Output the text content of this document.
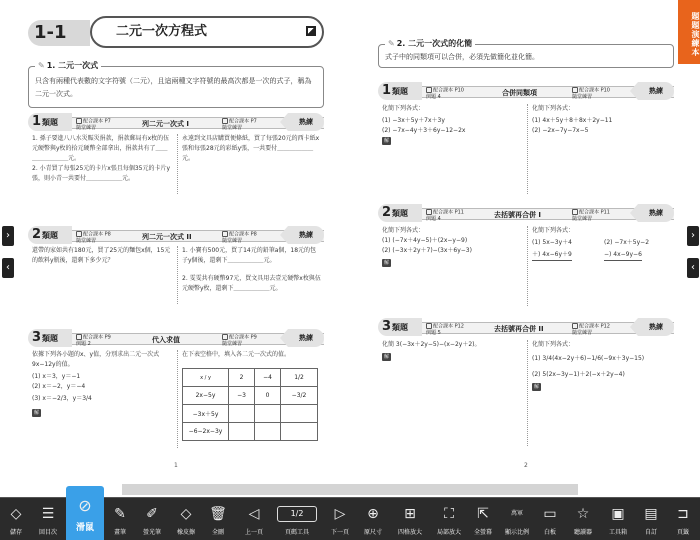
題題演練本
›
‹
›
‹
1-1	二元一次方程式
✎ 1. 二元一次式
只含有兩種代表數的文字符號（二元），且這兩種文字符號的最高次都是一次的式子，稱為二元一次式。
1類題	配合課本 P7
隨堂練習	列二元一次式 I	配合課本 P7
隨堂練習
熟練
1. 孫子要進八八水災賑災捐款，捐款郵局有x枚的伍元硬幣與y枚的拾元硬幣全部拿出，捐款共有了＿＿＿＿＿＿＿＿元。
2. 小青買了每張25元的卡片x張且每個35元的卡片y張，則小青一共要付＿＿＿＿＿＿元。
永遠到文具店購買便條紙，買了每張20元的西卡紙x張和每張28元的彩紙y張，一共要付＿＿＿＿＿＿元。
2類題	配合課本 P8
隨堂練習	列二元一次式 II	配合課本 P8
隨堂練習
熟練
還帶的家如共有180元，買了25元的麵包x個，15元的飲料y瓶後，還剩下多少元？
1. 小寶有500元，買了14元的鉛筆a個，18元的包子y個後，還剩下＿＿＿＿＿＿元。
2. 雯雯共有硬幣97元，買文具用去壹元硬幣x枚與伍元硬幣y枚，還剩下＿＿＿＿＿＿元。
3類題	配合課本 P9
例題 2	代入求值	配合課本 P9
隨堂練習
熟練
依據下列各小題的x、y值，分別求出二元一次式9x−12y的值。
(1) x＝3，y＝−1
(2) x＝−2，y＝−4
(3) x＝−2/3，y＝3/4
解
在下表空格中，填入各二元一次式的值。
x / y	2	−4	1/2
2x−5y	−3	0	−3/2
−3x＋5y			
−6−2x−3y			
1
✎ 2. 二元一次式的化簡
式子中的同類項可以合併，必須先做簡化並化簡。
1類題	配合課本 P10
例題 4	合併同類項	配合課本 P10
隨堂練習
熟練
化簡下列各式：
(1) −3x＋5y＋7x＋3y
(2) −7x−4y＋3＋6y−12−2x
解
化簡下列各式：
(1) 4x＋5y＋8＋8x＋2y−11
(2) −2x−7y−7x−5
2類題	配合課本 P11
例題 4	去括號再合併 I	配合課本 P11
隨堂練習
熟練
化簡下列各式：
(1) (−7x＋4y−5)＋(2x−y−9)
(2) (−3x＋2y＋7)−(3x＋6y−3)
解
化簡下列各式：
(1) 5x−3y＋4
＋) 4x−6y＋9
(2) −7x＋5y−2
−) 4x−9y−6
3類題	配合課本 P12
例題 5	去括號再合併 II	配合課本 P12
隨堂練習
熟練
化簡 3(−3x＋2y−5)−(x−2y＋2)。
解
化簡下列各式：
(1) 3/4(4x−2y＋6)−1/6(−9x＋3y−15)
(2) 5(2x−3y−1)＋2(−x＋2y−4)
解
2
◇
儲存
☰
回目次
⊘
滑鼠
✎
畫筆
✐
螢光筆
◇
橡皮擦
🗑
全刪
◁
上一頁
1/2
頁碼工具
▷
下一頁
⊕
原尺寸
⊞
四格放大
⛶
局部放大
⇱
全螢幕
萬軍
顯示比例
▭
白板
☆
聽讀器
▣
工具箱
▤
自訂
⊐
頁籤
